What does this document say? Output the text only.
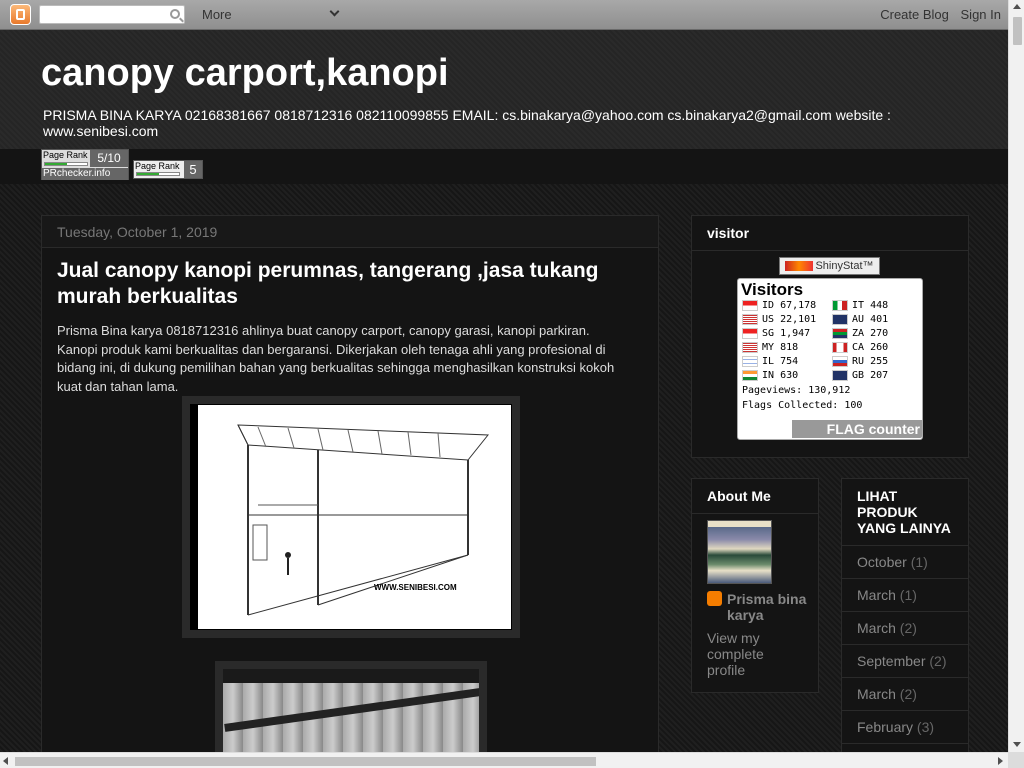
More	Create Blog Sign In
canopy carport,kanopi
PRISMA BINA KARYA 02168381667 0818712316 082110099855 EMAIL: cs.binakarya@yahoo.com cs.binakarya2@gmail.com website : www.senibesi.com
Page Rank 5/10
PRchecker.info
Page Rank 5
Tuesday, October 1, 2019
Jual canopy kanopi perumnas, tangerang ,jasa tukang murah berkualitas
Prisma Bina karya 0818712316 ahlinya buat canopy carport, canopy garasi, kanopi parkiran. Kanopi produk kami berkualitas dan bergaransi. Dikerjakan oleh tenaga ahli yang profesional di bidang ini, di dukung pemilihan bahan yang berkualitas sehingga menghasilkan konstruksi kokoh kuat dan tahan lama.
WWW.SENIBESI.COM
visitor
ShinyStat™
Visitors
ID 67,178
US 22,101
SG 1,947
MY 818
IL 754
IN 630
IT 448
AU 401
ZA 270
CA 260
RU 255
GB 207
Pageviews: 130,912
Flags Collected: 100
FLAG counter
About Me
Prisma bina karya
View my complete profile
LIHAT PRODUK YANG LAINYA
October (1)
March (1)
March (2)
September (2)
March (2)
February (3)
